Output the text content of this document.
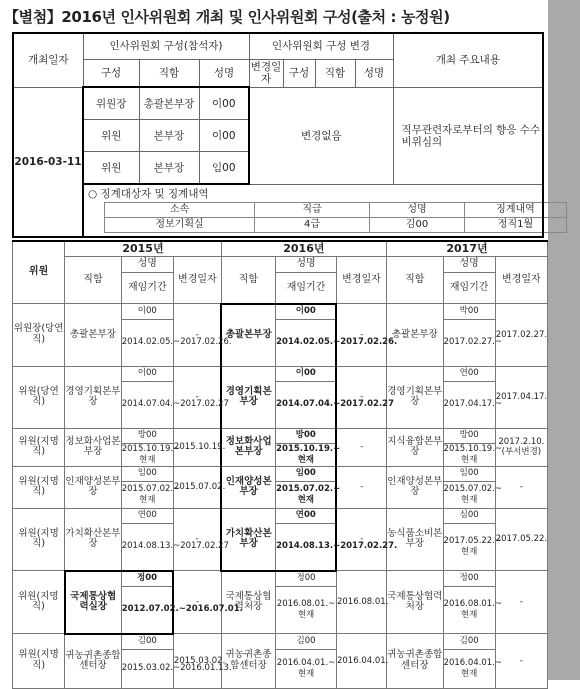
【별첨】2016년 인사위원회 개최 및 인사위원회 구성(출처 : 농정원)
개최일자	인사위원회 구성(참석자)	인사위원회 구성 변경	개최 주요내용
구성	직함	성명	변경일자	구성	직함	성명
2016-03-11	위원장	총괄본부장	이00	변경없음	직무관련자로부터의 향응 수수 비위심의
위원	본부장	이00
위원	본부장	임00

○ 징계대상자 및 징계내역
소속	직급	성명	징계내역
정보기획실	4급	김00	정직1월
위원	2015년			2016년			2017년		
	직함	성명	변경일자	직함	성명	변경일자	직함	성명	변경일자
		재임기간			재임기간			재임기간	
위원장(당연직)	총괄본부장	이00	-	총괄본부장	이00	-	총괄본부장	박00	2017.02.27.
		2014.02.05.~2017.02.26.			2014.02.05.~2017.02.26.			2017.02.27.~	
위원(당연직)	경영기획본부장	이00	-	경영기획본부장	이00	-	경영기획본부장	연00	2017.04.17.
		2014.07.04.~2017.02.27			2014.07.04.~2017.02.27			2017.04.17.~	
위원(지명직)	정보화사업본부장	방00	2015.10.19.	정보화사업본부장	방00	-	지식융합본부장	방00	2017.2.10.(부서변경)
		2015.10.19.~현재			2015.10.19.~현재			2015.10.19.~현재	
위원(지명직)	인재양성본부장	임00	2015.07.02.	인재양성본부장	임00	-	인재양성본부장	임00	-
		2015.07.02.~현재			2015.07.02.~현재			2015.07.02.~현재	
위원(지명직)	가치확산본부장	연00	-	가치확산본부장	연00	-	농식품소비본부장	심00	2017.05.22.
		2014.08.13.~2017.02.27			2014.08.13.~2017.02.27.			2017.05.22.~현재	
위원(지명직)	국제통상협력실장	정00	-	국제통상협력처장	정00	2016.08.01.	국제통상협력처장	정00	-
		2012.07.02.~2016.07.01.			2016.08.01.~현재			2016.08.01.~현재	
위원(지명직)	귀농귀촌종합센터장	김00	2015.03.02.	귀농귀촌종합센터장	김00	2016.04.01.	귀농귀촌종합센터장	김00	-
		2015.03.02.~2016.01.13.			2016.04.01.~현재			2016.04.01.~현재	
